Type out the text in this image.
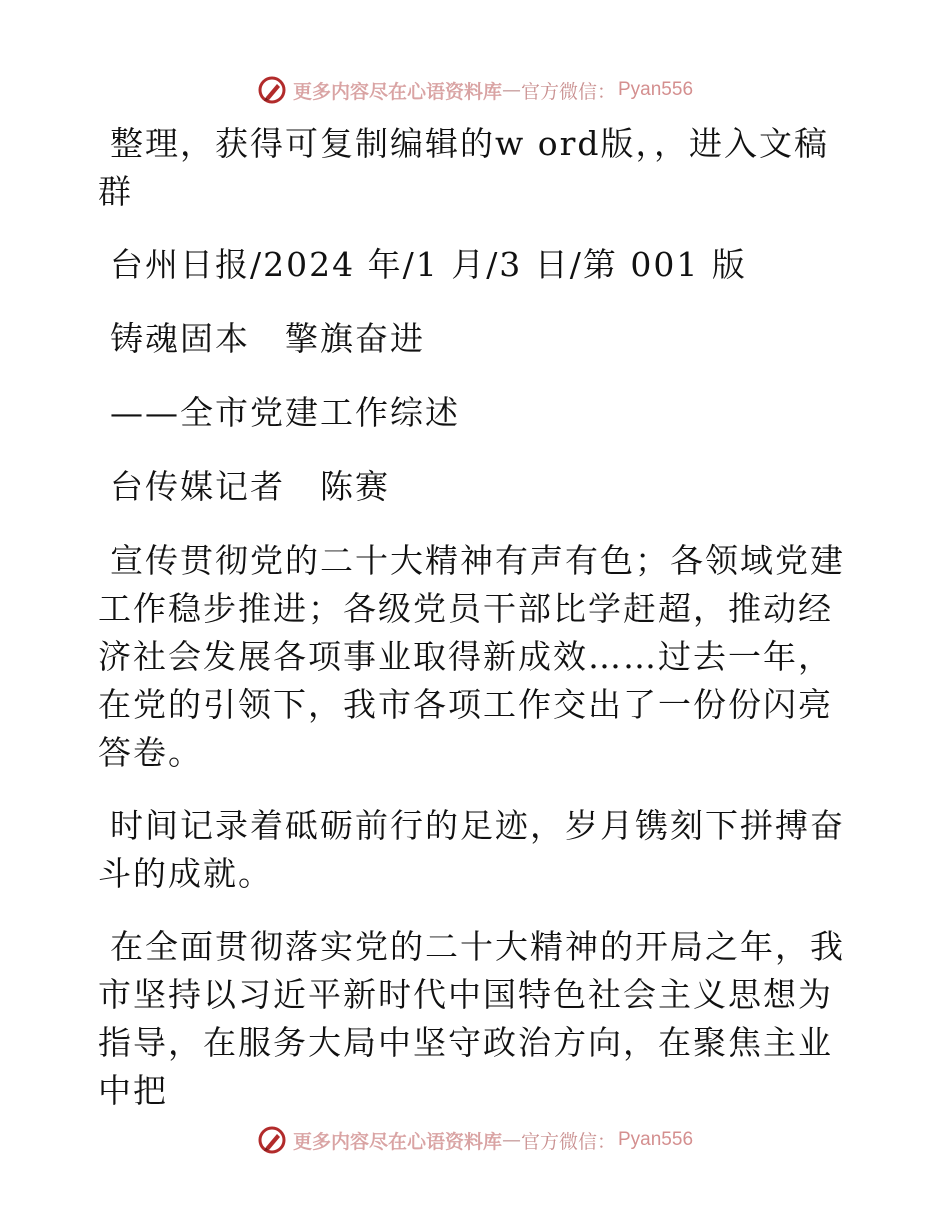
更多内容尽在心语资料库 — 官方微信： Pyan556

整理，获得可复制编辑的w ord版，，进入文稿群

台州日报/2024 年/1 月/3 日/第 001 版

铸魂固本　擎旗奋进

——全市党建工作综述

台传媒记者　陈赛

宣传贯彻党的二十大精神有声有色；各领域党建工作稳步推进；各级党员干部比学赶超，推动经济社会发展各项事业取得新成效……过去一年，在党的引领下，我市各项工作交出了一份份闪亮答卷。

时间记录着砥砺前行的足迹，岁月镌刻下拼搏奋斗的成就。

在全面贯彻落实党的二十大精神的开局之年，我市坚持以习近平新时代中国特色社会主义思想为指导，在服务大局中坚守政治方向，在聚焦主业中把

更多内容尽在心语资料库 — 官方微信： Pyan556
